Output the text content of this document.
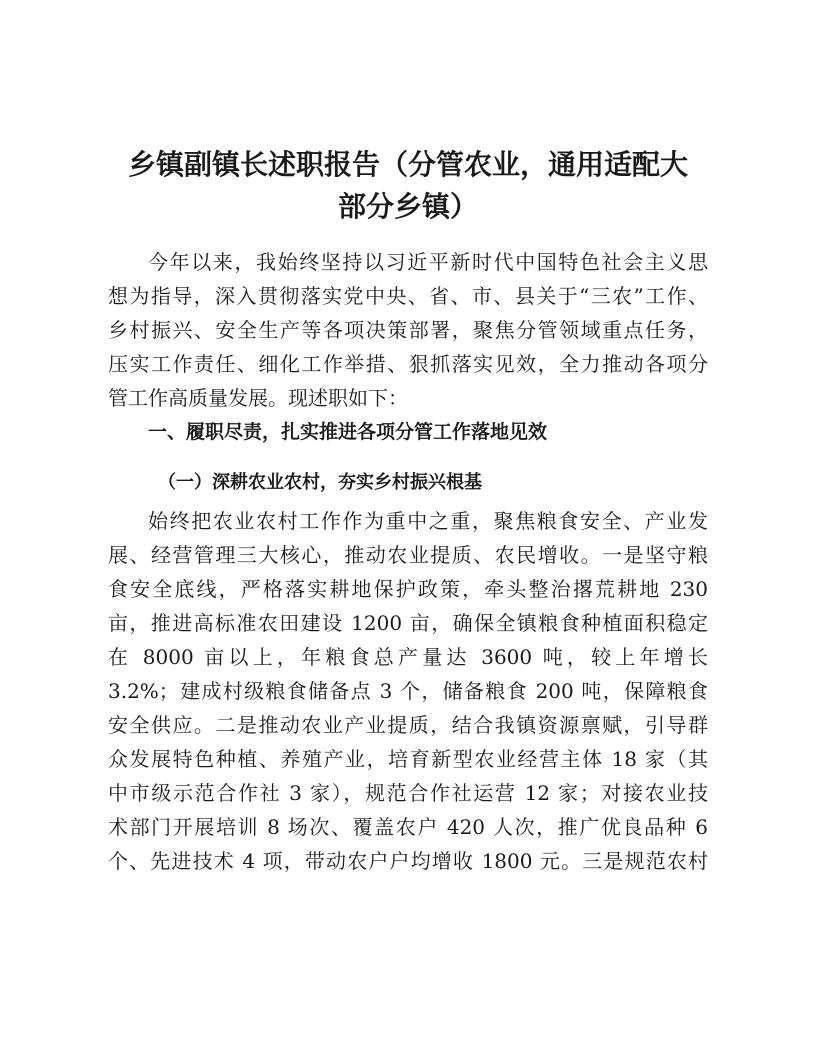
乡镇副镇长述职报告（分管农业，通用适配大
部分乡镇）

今年以来，我始终坚持以习近平新时代中国特色社会主义思

想为指导，深入贯彻落实党中央、省、市、县关于“三农”工作、

乡村振兴、安全生产等各项决策部署，聚焦分管领域重点任务，

压实工作责任、细化工作举措、狠抓落实见效，全力推动各项分

管工作高质量发展。现述职如下：

一、履职尽责，扎实推进各项分管工作落地见效
（一）深耕农业农村，夯实乡村振兴根基

始终把农业农村工作作为重中之重，聚焦粮食安全、产业发

展、经营管理三大核心，推动农业提质、农民增收。一是坚守粮

食安全底线，严格落实耕地保护政策，牵头整治撂荒耕地 230

亩，推进高标准农田建设 1200 亩，确保全镇粮食种植面积稳定

在 8000 亩以上，年粮食总产量达 3600 吨，较上年增长

3.2%；建成村级粮食储备点 3 个，储备粮食 200 吨，保障粮食

安全供应。二是推动农业产业提质，结合我镇资源禀赋，引导群

众发展特色种植、养殖产业，培育新型农业经营主体 18 家（其

中市级示范合作社 3 家），规范合作社运营 12 家；对接农业技

术部门开展培训 8 场次、覆盖农户 420 人次，推广优良品种 6

个、先进技术 4 项，带动农户户均增收 1800 元。三是规范农村
